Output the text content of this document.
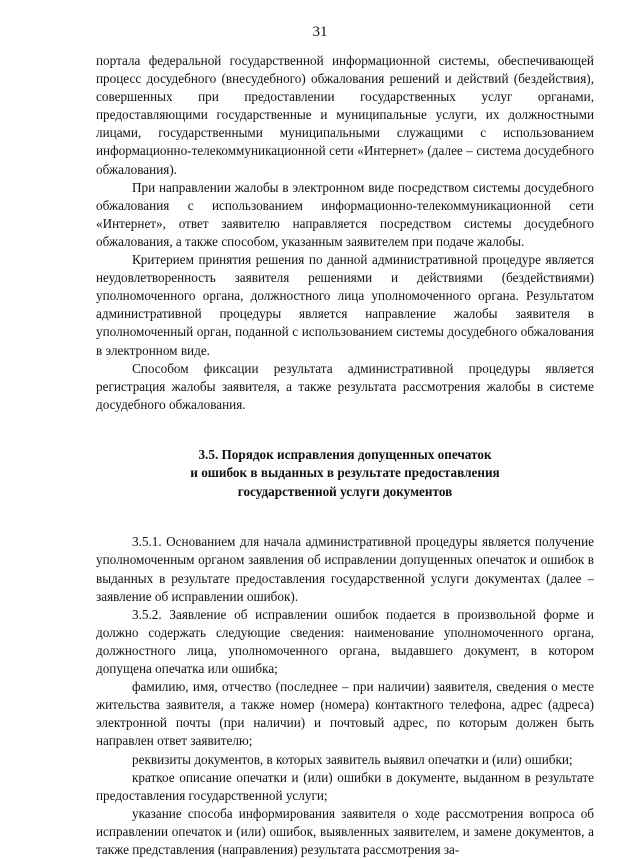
31

портала федеральной государственной информационной системы, обеспечивающей процесс досудебного (внесудебного) обжалования решений и действий (бездействия), совершенных при предоставлении государственных услуг органами, предоставляющими государственные и муниципальные услуги, их должностными лицами, государственными муниципальными служащими с использованием информационно-телекоммуникационной сети «Интернет» (далее – система досудебного обжалования).

При направлении жалобы в электронном виде посредством системы досудебного обжалования с использованием информационно-телекоммуникационной сети «Интернет», ответ заявителю направляется посредством системы досудебного обжалования, а также способом, указанным заявителем при подаче жалобы.

Критерием принятия решения по данной административной процедуре является неудовлетворенность заявителя решениями и действиями (бездействиями) уполномоченного органа, должностного лица уполномоченного органа. Результатом административной процедуры является направление жалобы заявителя в уполномоченный орган, поданной с использованием системы досудебного обжалования в электронном виде.

Способом фиксации результата административной процедуры является регистрация жалобы заявителя, а также результата рассмотрения жалобы в системе досудебного обжалования.

3.5. Порядок исправления допущенных опечаток
и ошибок в выданных в результате предоставления
государственной услуги документов

3.5.1. Основанием для начала административной процедуры является получение уполномоченным органом заявления об исправлении допущенных опечаток и ошибок в выданных в результате предоставления государственной услуги документах (далее – заявление об исправлении ошибок).

3.5.2. Заявление об исправлении ошибок подается в произвольной форме и должно содержать следующие сведения: наименование уполномоченного органа, должностного лица, уполномоченного органа, выдавшего документ, в котором допущена опечатка или ошибка;

фамилию, имя, отчество (последнее – при наличии) заявителя, сведения о месте жительства заявителя, а также номер (номера) контактного телефона, адрес (адреса) электронной почты (при наличии) и почтовый адрес, по которым должен быть направлен ответ заявителю;

реквизиты документов, в которых заявитель выявил опечатки и (или) ошибки;

краткое описание опечатки и (или) ошибки в документе, выданном в результате предоставления государственной услуги;

указание способа информирования заявителя о ходе рассмотрения вопроса об исправлении опечаток и (или) ошибок, выявленных заявителем, и замене документов, а также представления (направления) результата рассмотрения за-
